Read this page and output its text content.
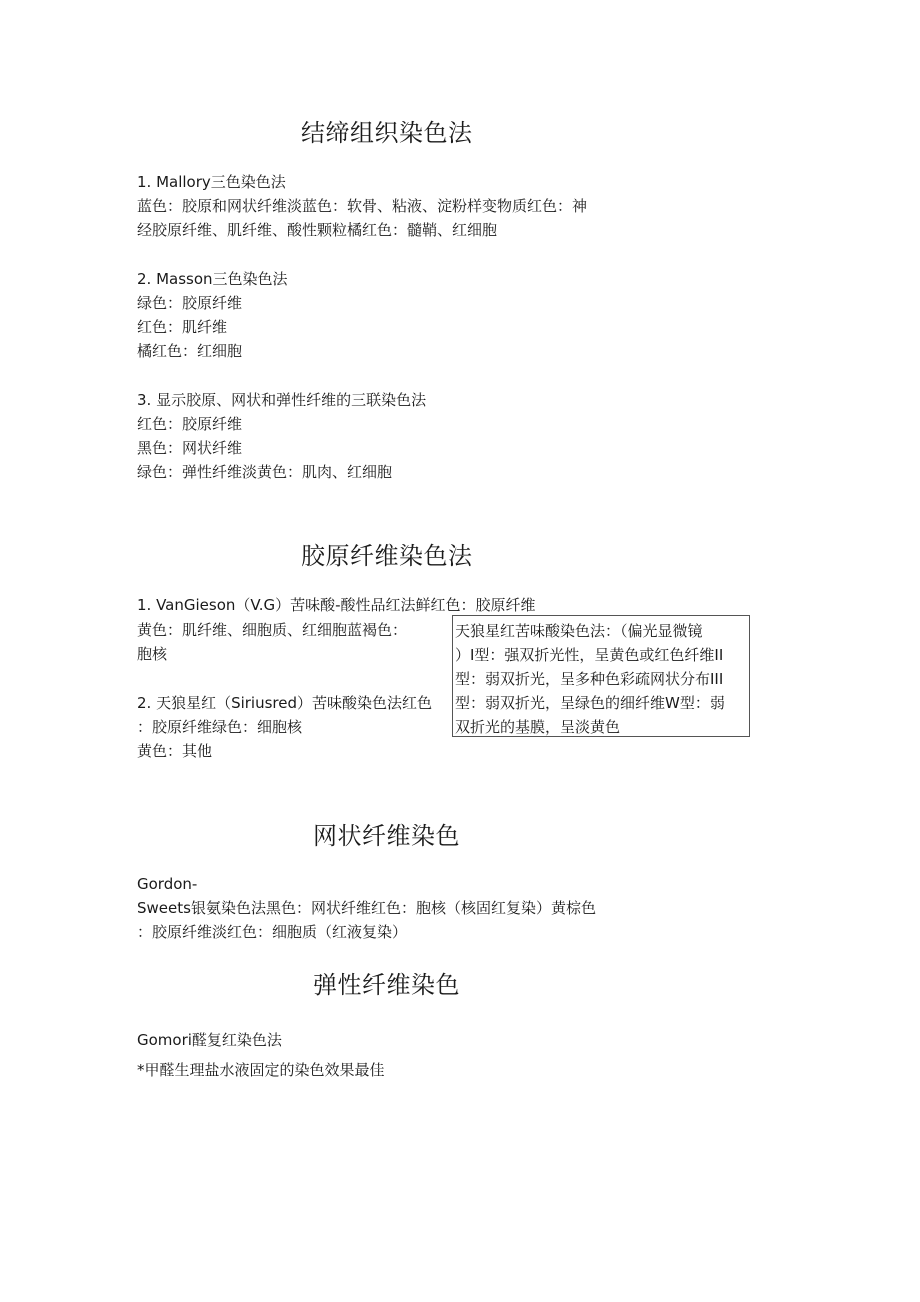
结缔组织染色法
1. Mallory三色染色法
蓝色：胶原和网状纤维淡蓝色：软骨、粘液、淀粉样变物质红色：神
经胶原纤维、肌纤维、酸性颗粒橘红色：髓鞘、红细胞
2. Masson三色染色法
绿色：胶原纤维
红色：肌纤维
橘红色：红细胞
3. 显示胶原、网状和弹性纤维的三联染色法
红色：胶原纤维
黑色：网状纤维
绿色：弹性纤维淡黄色：肌肉、红细胞
胶原纤维染色法
1. VanGieson（V.G）苦味酸-酸性品红法鲜红色：胶原纤维
黄色：肌纤维、细胞质、红细胞蓝褐色：
胞核
2. 天狼星红（Siriusred）苦味酸染色法红色
：胶原纤维绿色：细胞核
黄色：其他
天狼星红苦味酸染色法：（偏光显微镜
）I型：强双折光性，呈黄色或红色纤维II
型：弱双折光，呈多种色彩疏网状分布III
型：弱双折光，呈绿色的细纤维W型：弱
双折光的基膜，呈淡黄色
网状纤维染色
Gordon-
Sweets银氨染色法黑色：网状纤维红色：胞核（核固红复染）黄棕色
：胶原纤维淡红色：细胞质（红液复染）
弹性纤维染色
Gomori醛复红染色法
*甲醛生理盐水液固定的染色效果最佳
